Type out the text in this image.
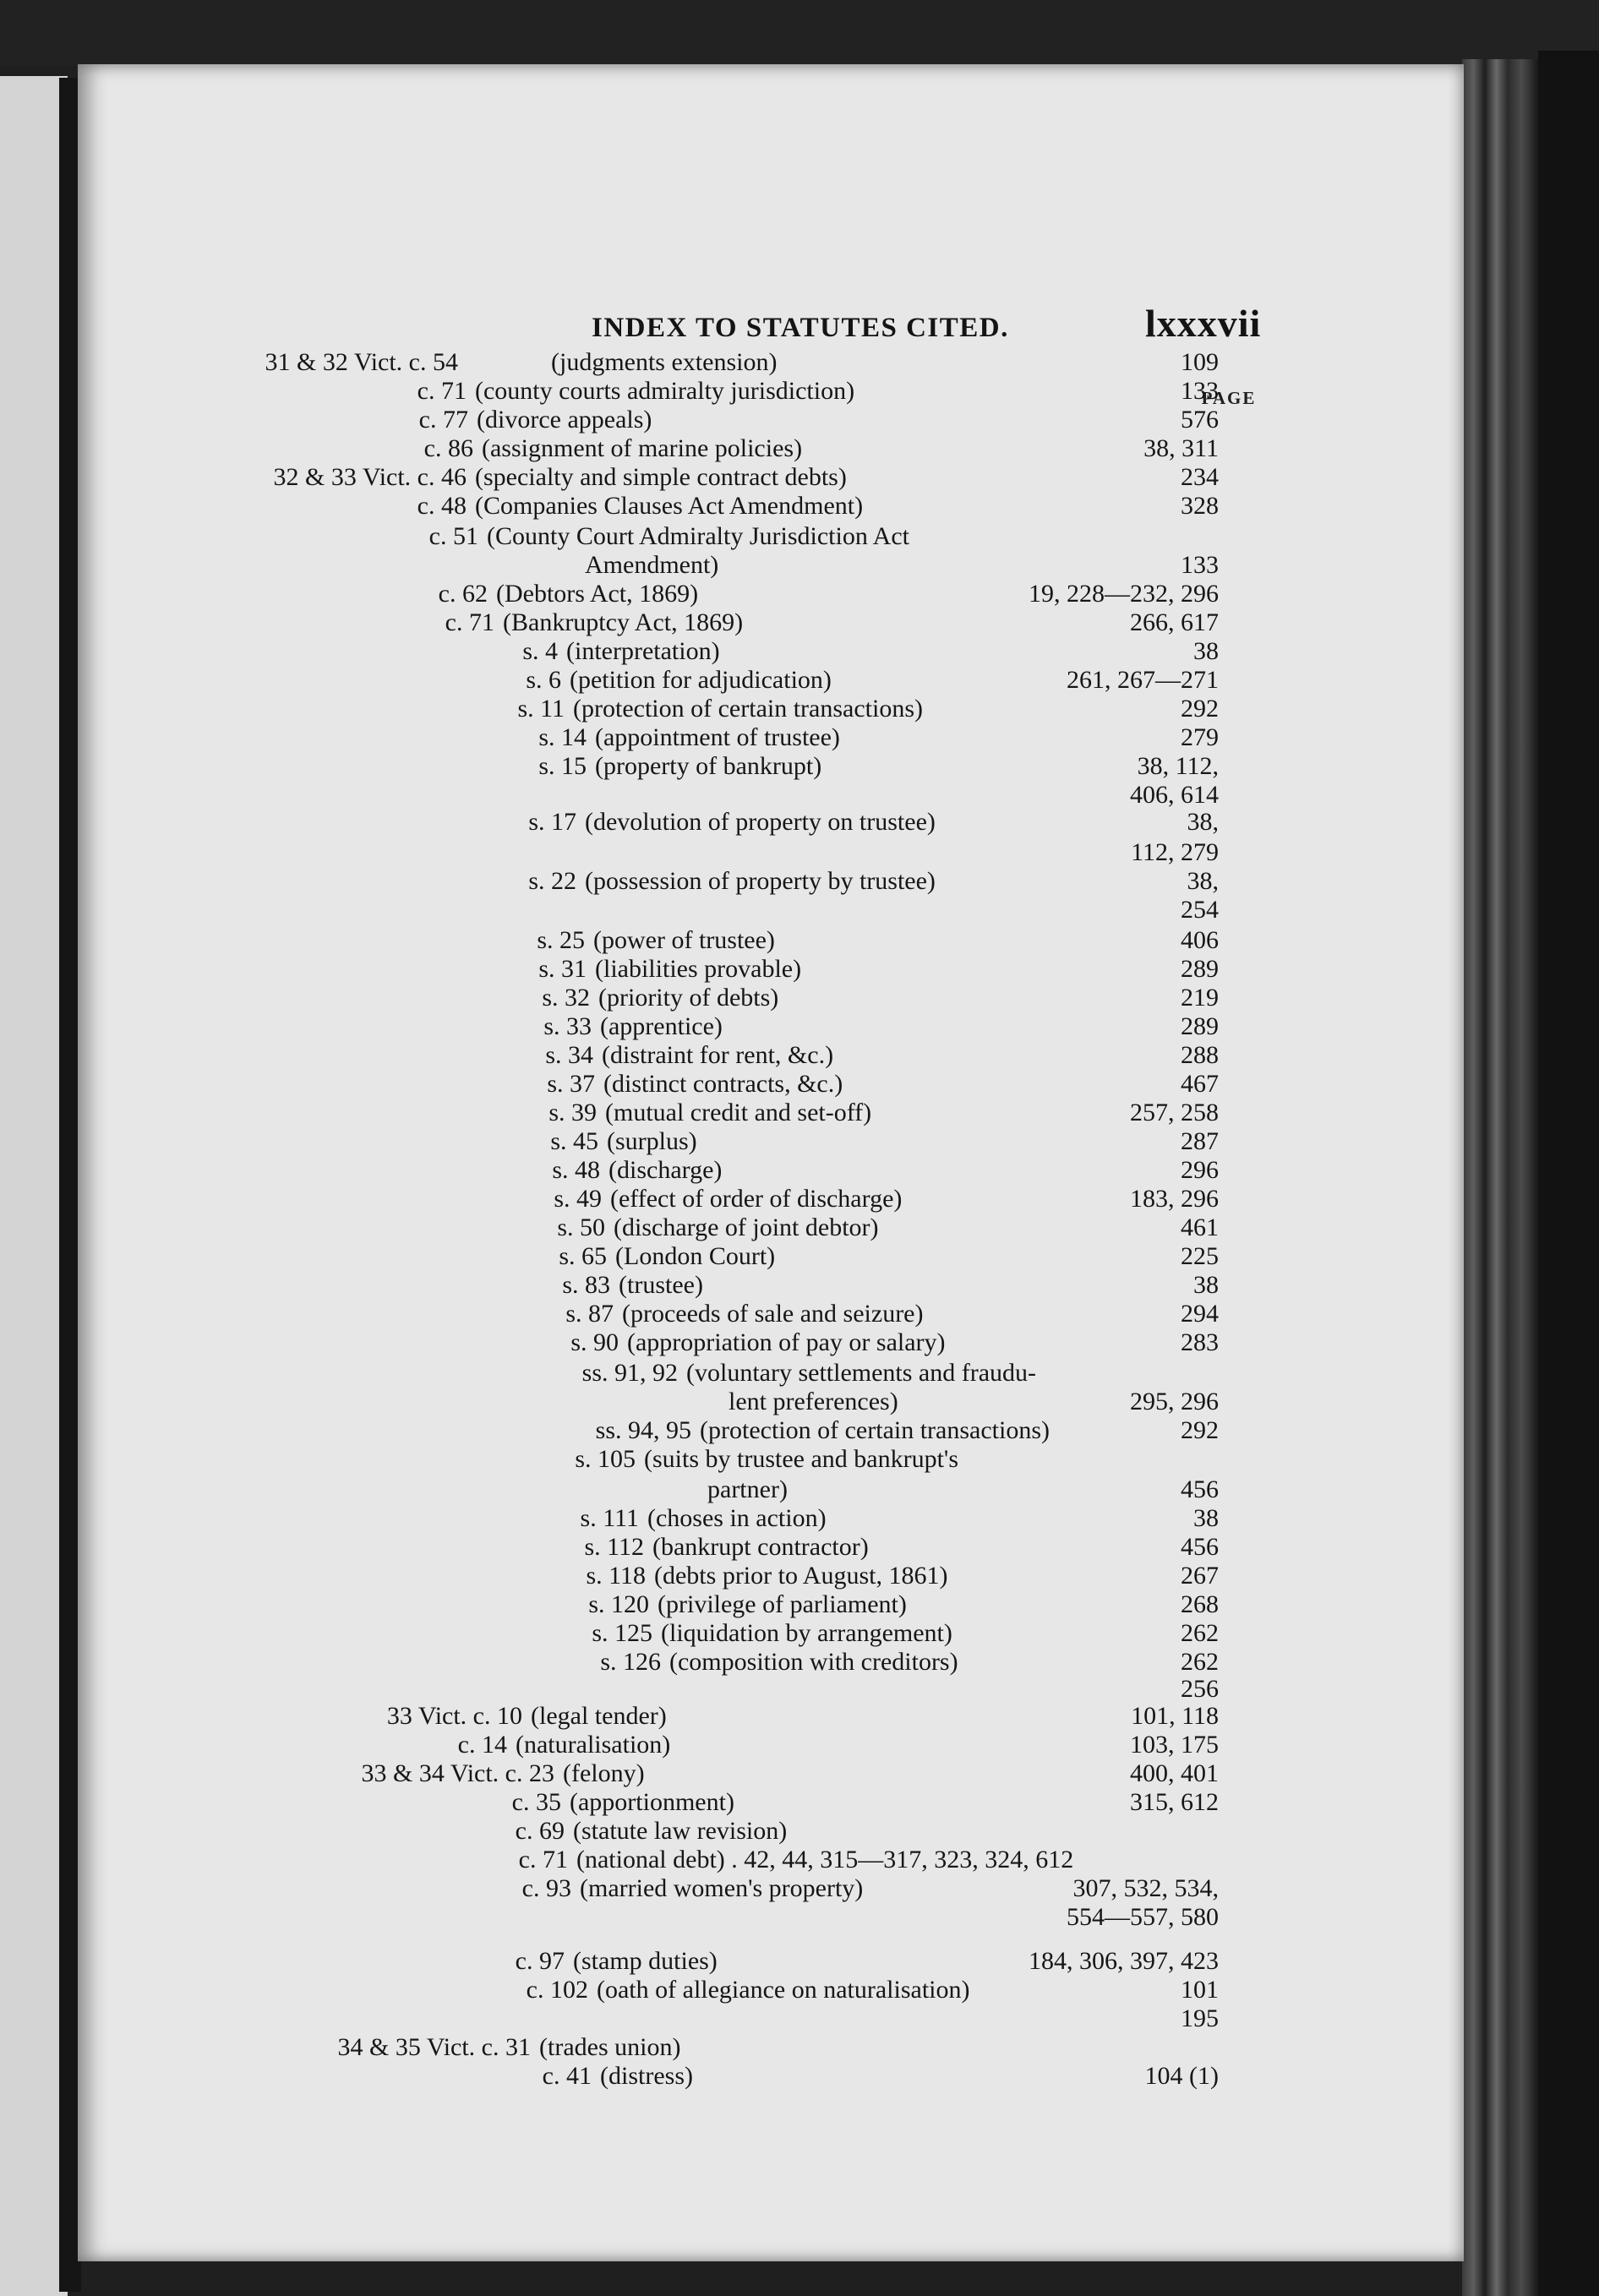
INDEX TO STATUTES CITED.	lxxxvii
PAGE
31 & 32 Vict. c. 54	(judgments extension)	109
c. 71 (county courts admiralty jurisdiction)	133
c. 77 (divorce appeals)	576
c. 86 (assignment of marine policies)	38, 311
32 & 33 Vict. c. 46 (specialty and simple contract debts)	234
c. 48 (Companies Clauses Act Amendment)	328
c. 51 (County Court Admiralty Jurisdiction Act
Amendment)	133
c. 62 (Debtors Act, 1869)	19, 228—232, 296
c. 71 (Bankruptcy Act, 1869)	266, 617
s. 4 (interpretation)	38
s. 6 (petition for adjudication)	261, 267—271
s. 11 (protection of certain transactions)	292
s. 14 (appointment of trustee)	279
s. 15 (property of bankrupt)	38, 112,
406, 614
s. 17 (devolution of property on trustee)	38,
112, 279
s. 22 (possession of property by trustee)	38,
254
s. 25 (power of trustee)	406
s. 31 (liabilities provable)	289
s. 32 (priority of debts)	219
s. 33 (apprentice)	289
s. 34 (distraint for rent, &c.)	288
s. 37 (distinct contracts, &c.)	467
s. 39 (mutual credit and set-off)	257, 258
s. 45 (surplus)	287
s. 48 (discharge)	296
s. 49 (effect of order of discharge)	183, 296
s. 50 (discharge of joint debtor)	461
s. 65 (London Court)	225
s. 83 (trustee)	38
s. 87 (proceeds of sale and seizure)	294
s. 90 (appropriation of pay or salary)	283
ss. 91, 92 (voluntary settlements and fraudu-
lent preferences)	295, 296
ss. 94, 95 (protection of certain transactions)	292
s. 105 (suits by trustee and bankrupt's
partner)	456
s. 111 (choses in action)	38
s. 112 (bankrupt contractor)	456
s. 118 (debts prior to August, 1861)	267
s. 120 (privilege of parliament)	268
s. 125 (liquidation by arrangement)	262
s. 126 (composition with creditors)	262
256
33 Vict. c. 10 (legal tender)	101, 118
c. 14 (naturalisation)	103, 175
33 & 34 Vict. c. 23 (felony)	400, 401
c. 35 (apportionment)	315, 612
c. 69 (statute law revision)
c. 71 (national debt) . 42, 44, 315—317, 323, 324, 612
c. 93 (married women's property)	307, 532, 534,
554—557, 580
c. 97 (stamp duties)	184, 306, 397, 423
c. 102 (oath of allegiance on naturalisation)	101
195
34 & 35 Vict. c. 31 (trades union)
c. 41 (distress)	104 (1)
